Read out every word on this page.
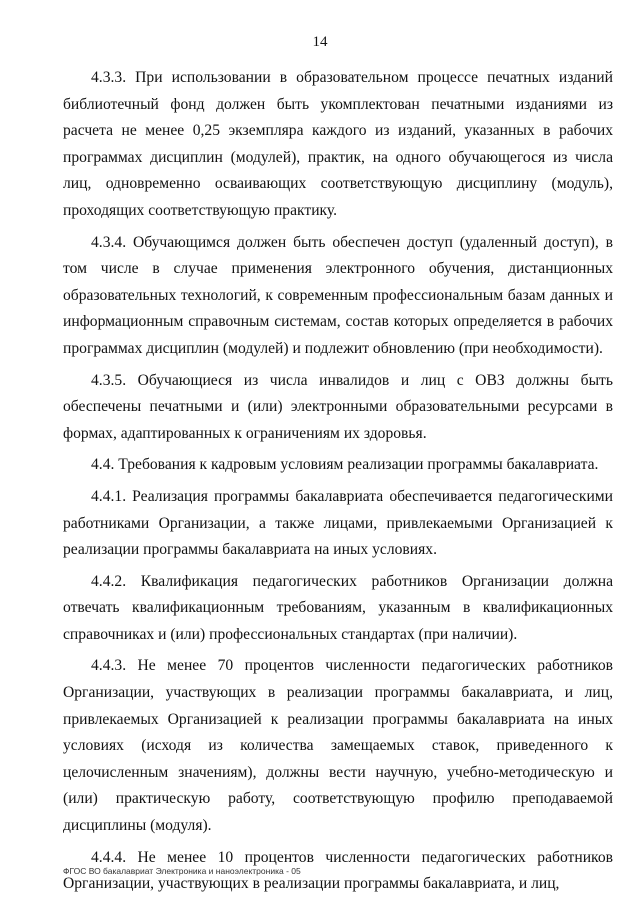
14

4.3.3. При использовании в образовательном процессе печатных изданий библиотечный фонд должен быть укомплектован печатными изданиями из расчета не менее 0,25 экземпляра каждого из изданий, указанных в рабочих программах дисциплин (модулей), практик, на одного обучающегося из числа лиц, одновременно осваивающих соответствующую дисциплину (модуль), проходящих соответствующую практику.

4.3.4. Обучающимся должен быть обеспечен доступ (удаленный доступ), в том числе в случае применения электронного обучения, дистанционных образовательных технологий, к современным профессиональным базам данных и информационным справочным системам, состав которых определяется в рабочих программах дисциплин (модулей) и подлежит обновлению (при необходимости).

4.3.5. Обучающиеся из числа инвалидов и лиц с ОВЗ должны быть обеспечены печатными и (или) электронными образовательными ресурсами в формах, адаптированных к ограничениям их здоровья.

4.4. Требования к кадровым условиям реализации программы бакалавриата.

4.4.1. Реализация программы бакалавриата обеспечивается педагогическими работниками Организации, а также лицами, привлекаемыми Организацией к реализации программы бакалавриата на иных условиях.

4.4.2. Квалификация педагогических работников Организации должна отвечать квалификационным требованиям, указанным в квалификационных справочниках и (или) профессиональных стандартах (при наличии).

4.4.3. Не менее 70 процентов численности педагогических работников Организации, участвующих в реализации программы бакалавриата, и лиц, привлекаемых Организацией к реализации программы бакалавриата на иных условиях (исходя из количества замещаемых ставок, приведенного к целочисленным значениям), должны вести научную, учебно-методическую и (или) практическую работу, соответствующую профилю преподаваемой дисциплины (модуля).

4.4.4. Не менее 10 процентов численности педагогических работников Организации, участвующих в реализации программы бакалавриата, и лиц,

ФГОС ВО бакалавриат Электроника и наноэлектроника - 05
